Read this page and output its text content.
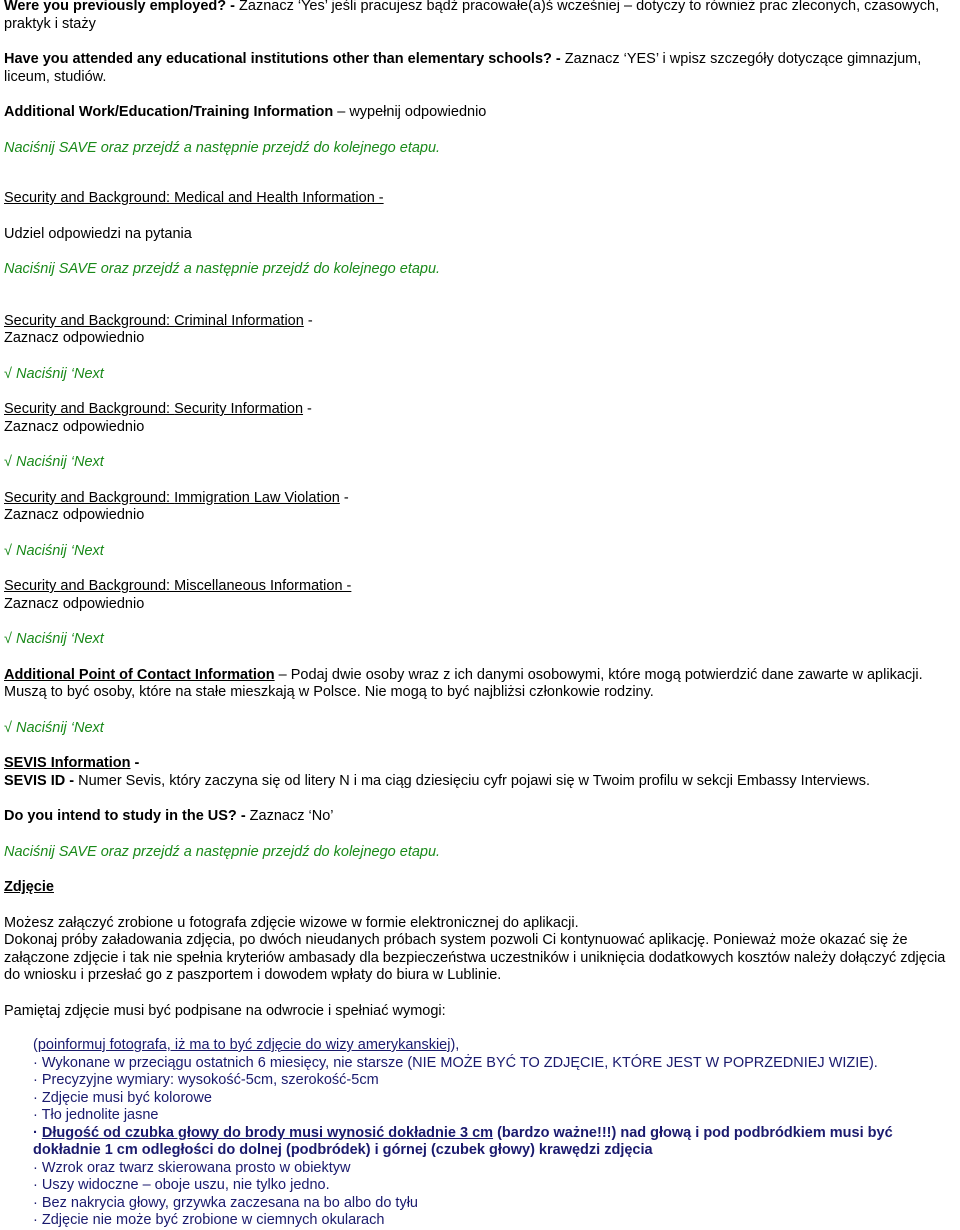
Were you previously employed? - Zaznacz ‘Yes’ jeśli pracujesz bądź pracowałe(a)ś wcześniej – dotyczy to również prac zleconych, czasowych, praktyk i staży

Have you attended any educational institutions other than elementary schools? - Zaznacz ‘YES’ i wpisz szczegóły dotyczące gimnazjum, liceum, studiów.

Additional Work/Education/Training Information – wypełnij odpowiednio

Naciśnij SAVE oraz przejdź a następnie przejdź do kolejnego etapu.

Security and Background: Medical and Health Information -

Udziel odpowiedzi na pytania

Naciśnij SAVE oraz przejdź a następnie przejdź do kolejnego etapu.

Security and Background: Criminal Information -

Zaznacz odpowiednio

√ Naciśnij ‘Next

Security and Background: Security Information -

Zaznacz odpowiednio

√ Naciśnij ‘Next

Security and Background: Immigration Law Violation -

Zaznacz odpowiednio

√ Naciśnij ‘Next

Security and Background: Miscellaneous Information -

Zaznacz odpowiednio

√ Naciśnij ‘Next

Additional Point of Contact Information – Podaj dwie osoby wraz z ich danymi osobowymi, które mogą potwierdzić dane zawarte w aplikacji. Muszą to być osoby, które na stałe mieszkają w Polsce. Nie mogą to być najbliżsi członkowie rodziny.

√ Naciśnij ‘Next

SEVIS Information -

SEVIS ID - Numer Sevis, który zaczyna się od litery N i ma ciąg dziesięciu cyfr pojawi się w Twoim profilu w sekcji Embassy Interviews.

Do you intend to study in the US? - Zaznacz ‘No’

Naciśnij SAVE oraz przejdź a następnie przejdź do kolejnego etapu.

Zdjęcie

Możesz załączyć zrobione u fotografa zdjęcie wizowe w formie elektronicznej do aplikacji.

Dokonaj próby załadowania zdjęcia, po dwóch nieudanych próbach system pozwoli Ci kontynuować aplikację. Ponieważ może okazać się że załączone zdjęcie i tak nie spełnia kryteriów ambasady dla bezpieczeństwa uczestników i uniknięcia dodatkowych kosztów należy dołączyć zdjęcia do wniosku i przesłać go z paszportem i dowodem wpłaty do biura w Lublinie.

Pamiętaj zdjęcie musi być podpisane na odwrocie i spełniać wymogi:

(poinformuj fotografa, iż ma to być zdjęcie do wizy amerykanskiej),

· Wykonane w przeciągu ostatnich 6 miesięcy, nie starsze (NIE MOŻE BYĆ TO ZDJĘCIE, KTÓRE JEST W POPRZEDNIEJ WIZIE).

· Precyzyjne wymiary: wysokość-5cm, szerokość-5cm

· Zdjęcie musi być kolorowe

· Tło jednolite jasne

· Długość od czubka głowy do brody musi wynosić dokładnie 3 cm (bardzo ważne!!!) nad głową i pod podbródkiem musi być dokładnie 1 cm odległości do dolnej (podbródek) i górnej (czubek głowy) krawędzi zdjęcia

· Wzrok oraz twarz skierowana prosto w obiektyw

· Uszy widoczne – oboje uszu, nie tylko jedno.

· Bez nakrycia głowy, grzywka zaczesana na bo albo do tyłu

· Zdjęcie nie może być zrobione w ciemnych okularach
